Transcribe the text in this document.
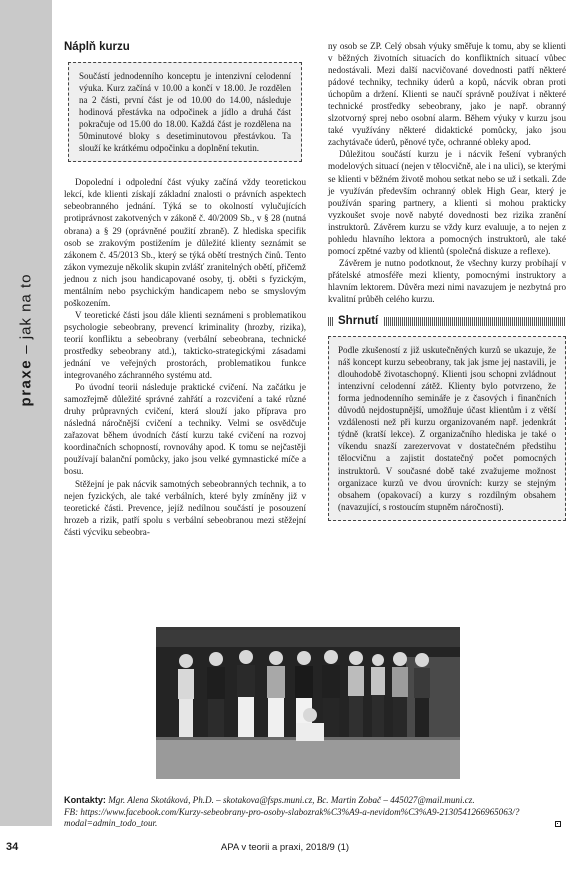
praxe – jak na to
Náplň kurzu

Součástí jednodenního konceptu je intenzivní celodenní výuka. Kurz začíná v 10.00 a končí v 18.00. Je rozdělen na 2 části, první část je od 10.00 do 14.00, následuje hodinová přestávka na odpočinek a jídlo a druhá část pokračuje od 15.00 do 18.00. Každá část je rozdělena na 50minutové bloky s desetiminutovou přestávkou. Ta slouží ke krátkému odpočinku a doplnění tekutin.

Dopolední i odpolední část výuky začíná vždy teoretickou lekcí, kde klienti získají základní znalosti o právních aspektech sebeobranného jednání. Týká se to okolností vylučujících protiprávnost zakotvených v zákoně č. 40/2009 Sb., v § 28 (nutná obrana) a § 29 (oprávněné použití zbraně). Z hlediska specifik osob se zrakovým postižením je důležité klienty seznámit se zákonem č. 45/2013 Sb., který se týká obětí trestných činů. Tento zákon vymezuje několik skupin zvlášť zranitelných obětí, přičemž jednou z nich jsou handicapované osoby, tj. oběti s fyzickým, mentálním nebo psychickým handicapem nebo se smyslovým poškozením.

V teoretické části jsou dále klienti seznámeni s problematikou psychologie sebeobrany, prevencí kriminality (hrozby, rizika), teorií konfliktu a sebeobrany (verbální sebeobrana, technické prostředky sebeobrany atd.), takticko-strategickými zásadami jednání ve veřejných prostorách, problematikou funkce integrovaného záchranného systému atd.

Po úvodní teorii následuje praktické cvičení. Na začátku je samozřejmě důležité správné zahřátí a rozcvičení a také různé druhy průpravných cvičení, která slouží jako příprava pro následná náročnější cvičení a techniky. Velmi se osvědčuje zařazovat během úvodních částí kurzu také cvičení na rozvoj koordinačních schopností, rovnováhy apod. K tomu se nejčastěji používají balanční pomůcky, jako jsou velké gymnastické míče a bosu.

Stěžejní je pak nácvik samotných sebeobranných technik, a to nejen fyzických, ale také verbálních, které byly zmíněny již v teoretické části. Prevence, jejíž nedílnou součástí je posouzení hrozeb a rizik, patří spolu s verbální sebeobranou mezi stěžejní části výcviku sebeobra-

ny osob se ZP. Celý obsah výuky směřuje k tomu, aby se klienti v běžných životních situacích do konfliktních situací vůbec nedostávali. Mezi další nacvičované dovednosti patří některé pádové techniky, techniky úderů a kopů, nácvik obran proti úchopům a držení. Klienti se naučí správně používat i některé technické prostředky sebeobrany, jako je např. obranný slzotvorný sprej nebo osobní alarm. Během výuky v kurzu jsou také využívány některé didaktické pomůcky, jako jsou zachytávače úderů, pěnové tyče, ochranné obleky apod.

Důležitou součástí kurzu je i nácvik řešení vybraných modelových situací (nejen v tělocvičně, ale i na ulici), se kterými se klienti v běžném životě mohou setkat nebo se už i setkali. Zde je využíván především ochranný oblek High Gear, který je používán sparing partnery, a klienti si mohou prakticky vyzkoušet svoje nově nabyté dovednosti bez rizika zranění instruktorů. Závěrem kurzu se vždy kurz evaluuje, a to nejen z pohledu hlavního lektora a pomocných instruktorů, ale také pomocí zpětné vazby od klientů (společná diskuze a reflexe).

Závěrem je nutno podotknout, že všechny kurzy probíhají v přátelské atmosféře mezi klienty, pomocnými instruktory a hlavním lektorem. Důvěra mezi nimi navazujem je nezbytná pro kvalitní průběh celého kurzu.

Shrnutí

Podle zkušeností z již uskutečněných kurzů se ukazuje, že náš koncept kurzu sebeobrany, tak jak jsme jej nastavili, je dlouhodobě životaschopný. Klienti jsou schopni zvládnout intenzivní celodenní zátěž. Klienty bylo potvrzeno, že forma jednodenního semináře je z časových i finančních důvodů nejdostupnější, umožňuje účast klientům i z větší vzdálenosti než při kurzu organizovaném např. jedenkrát týdně (kratší lekce). Z organizačního hlediska je také o víkendu snazší zarezervovat v dostatečném předstihu tělocvičnu a zajistit dostatečný počet pomocných instruktorů. V současné době také zvažujeme možnost organizace kurzů ve dvou úrovních: kurzy se stejným obsahem (opakovací) a kurzy s rozdílným obsahem (navazující, s rostoucím stupněm náročnosti).

Kontakty: Mgr. Alena Skotáková, Ph.D. – skotakova@fsps.muni.cz, Bc. Martin Zobač – 445027@mail.muni.cz.
FB: https://www.facebook.com/Kurzy-sebeobrany-pro-osoby-slabozrak%C3%A9-a-nevidom%C3%A9-2130541266965063/?modal=admin_todo_tour.
34	APA v teorii a praxi, 2018/9 (1)
